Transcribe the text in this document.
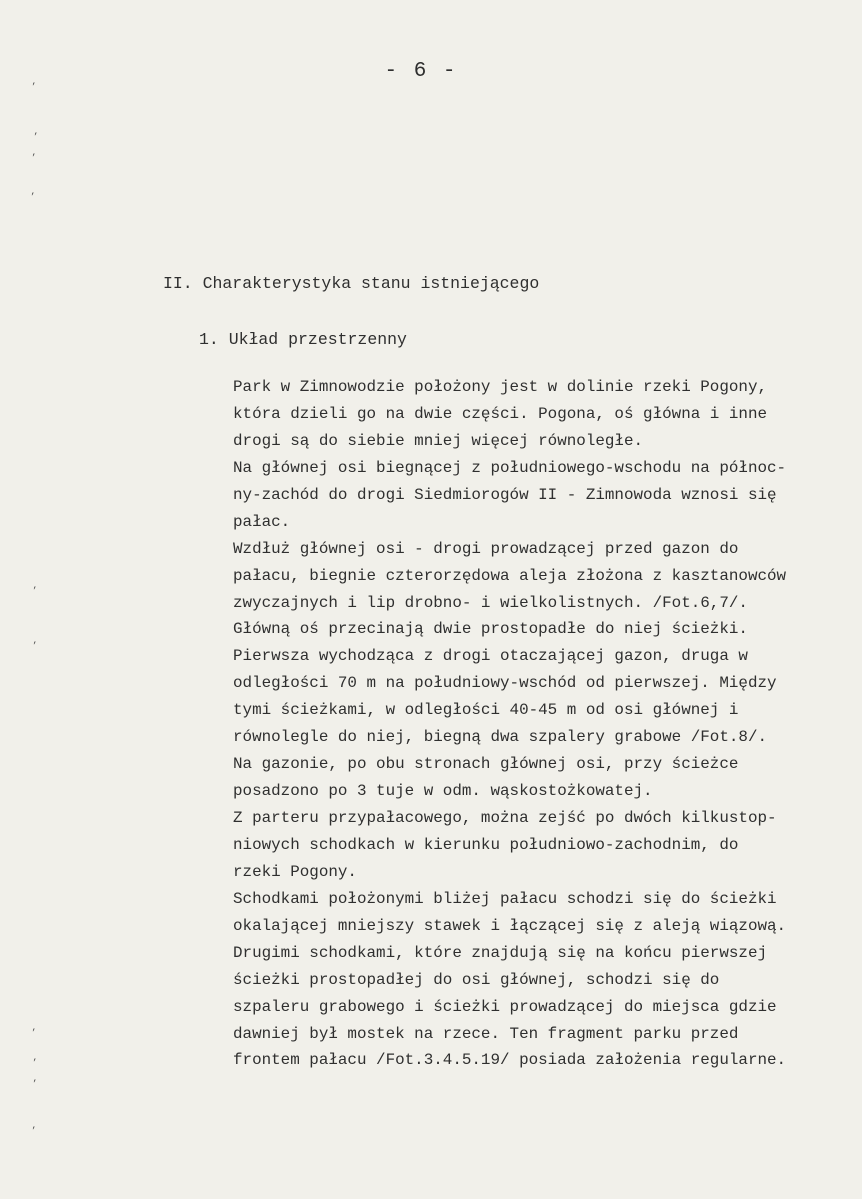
- 6 -
II. Charakterystyka stanu istniejącego
1. Układ przestrzenny
Park w Zimnowodzie położony jest w dolinie rzeki Pogony,
która dzieli go na dwie części. Pogona, oś główna i inne
drogi są do siebie mniej więcej równoległe.
Na głównej osi biegnącej z południowego-wschodu na północ-
ny-zachód do drogi Siedmiorogów II - Zimnowoda wznosi się
pałac.
Wzdłuż głównej osi - drogi prowadzącej przed gazon do
pałacu, biegnie czterorzędowa aleja złożona z kasztanowców
zwyczajnych i lip drobno- i wielkolistnych. /Fot.6,7/.
Główną oś przecinają dwie prostopadłe do niej ścieżki.
Pierwsza wychodząca z drogi otaczającej gazon, druga w
odległości 70 m na południowy-wschód od pierwszej. Między
tymi ścieżkami, w odległości 40-45 m od osi głównej i
równolegle do niej, biegną dwa szpalery grabowe /Fot.8/.
Na gazonie, po obu stronach głównej osi, przy ścieżce
posadzono po 3 tuje w odm. wąskostożkowatej.
Z parteru przypałacowego, można zejść po dwóch kilkustop-
niowych schodkach w kierunku południowo-zachodnim, do
rzeki Pogony.
Schodkami położonymi bliżej pałacu schodzi się do ścieżki
okalającej mniejszy stawek i łączącej się z aleją wiązową.
Drugimi schodkami, które znajdują się na końcu pierwszej
ścieżki prostopadłej do osi głównej, schodzi się do
szpaleru grabowego i ścieżki prowadzącej do miejsca gdzie
dawniej był mostek na rzece. Ten fragment parku przed
frontem pałacu /Fot.3.4.5.19/ posiada założenia regularne.
’
’
’
’
’
’
’
’
’
’
